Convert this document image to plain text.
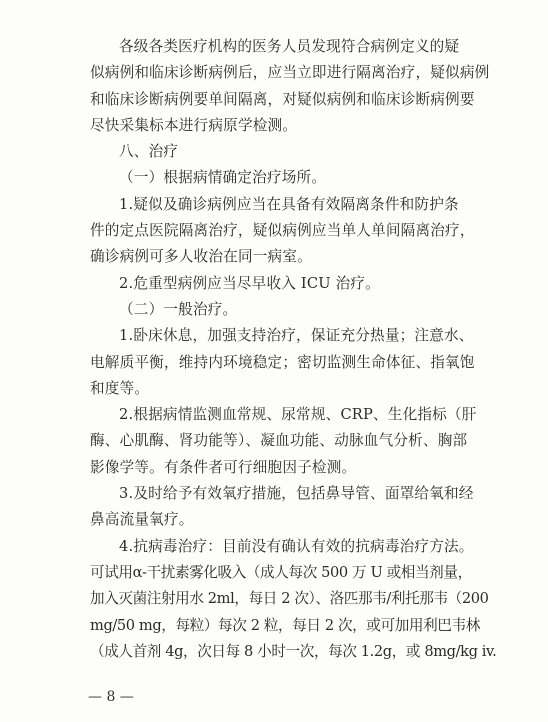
各级各类医疗机构的医务人员发现符合病例定义的疑
似病例和临床诊断病例后，应当立即进行隔离治疗，疑似病例
和临床诊断病例要单间隔离，对疑似病例和临床诊断病例要
尽快采集标本进行病原学检测。
八、治疗
（一）根据病情确定治疗场所。
1.疑似及确诊病例应当在具备有效隔离条件和防护条
件的定点医院隔离治疗，疑似病例应当单人单间隔离治疗，
确诊病例可多人收治在同一病室。
2.危重型病例应当尽早收入 ICU 治疗。
（二）一般治疗。
1.卧床休息，加强支持治疗，保证充分热量；注意水、
电解质平衡，维持内环境稳定；密切监测生命体征、指氧饱
和度等。
2.根据病情监测血常规、尿常规、CRP、生化指标（肝
酶、心肌酶、肾功能等）、凝血功能、动脉血气分析、胸部
影像学等。有条件者可行细胞因子检测。
3.及时给予有效氧疗措施，包括鼻导管、面罩给氧和经
鼻高流量氧疗。
4.抗病毒治疗：目前没有确认有效的抗病毒治疗方法。
可试用α-干扰素雾化吸入（成人每次 500 万 U 或相当剂量，
加入灭菌注射用水 2ml，每日 2 次）、洛匹那韦/利托那韦（200
mg/50 mg，每粒）每次 2 粒，每日 2 次，或可加用利巴韦林
（成人首剂 4g，次日每 8 小时一次，每次 1.2g，或 8mg/kg iv.
— 8 —
